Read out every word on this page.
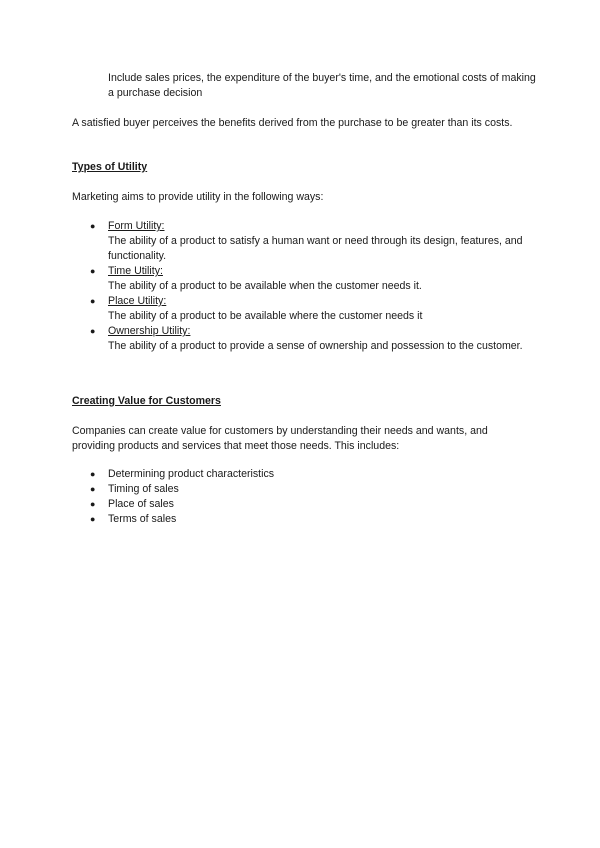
Include sales prices, the expenditure of the buyer's time, and the emotional costs of making a purchase decision
A satisfied buyer perceives the benefits derived from the purchase to be greater than its costs.
Types of Utility
Marketing aims to provide utility in the following ways:
● Form Utility:
The ability of a product to satisfy a human want or need through its design, features, and functionality.
● Time Utility:
The ability of a product to be available when the customer needs it.
● Place Utility:
The ability of a product to be available where the customer needs it
● Ownership Utility:
The ability of a product to provide a sense of ownership and possession to the customer.
Creating Value for Customers
Companies can create value for customers by understanding their needs and wants, and providing products and services that meet those needs. This includes:
● Determining product characteristics
● Timing of sales
● Place of sales
● Terms of sales
